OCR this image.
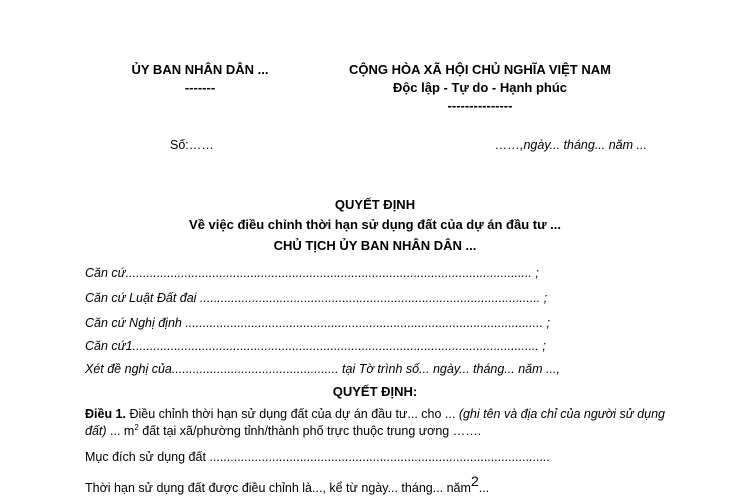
ỦY BAN NHÂN DÂN ...
-------
CỘNG HÒA XÃ HỘI CHỦ NGHĨA VIỆT NAM
Độc lập - Tự do - Hạnh phúc
---------------
Số:……	……,ngày... tháng... năm ...
QUYẾT ĐỊNH
Về việc điều chỉnh thời hạn sử dụng đất của dự án đầu tư ...
CHỦ TỊCH ỦY BAN NHÂN DÂN ...
Căn cứ..................................................................................................................... ;
Căn cứ Luật Đất đai .................................................................................................. ;
Căn cứ Nghị định ....................................................................................................... ;
Căn cứ1..................................................................................................................... ;
Xét đề nghị của................................................ tại Tờ trình số... ngày... tháng... năm ...,
QUYẾT ĐỊNH:
Điều 1. Điều chỉnh thời hạn sử dụng đất của dự án đầu tư... cho ... (ghi tên và địa chỉ của người sử dụng đất) ... $m^2$ đất tại xã/phường tỉnh/thành phố trực thuộc trung ương …….
Mục đích sử dụng đất ..................................................................................................
Thời hạn sử dụng đất được điều chỉnh là..., kể từ ngày... tháng... năm2...
